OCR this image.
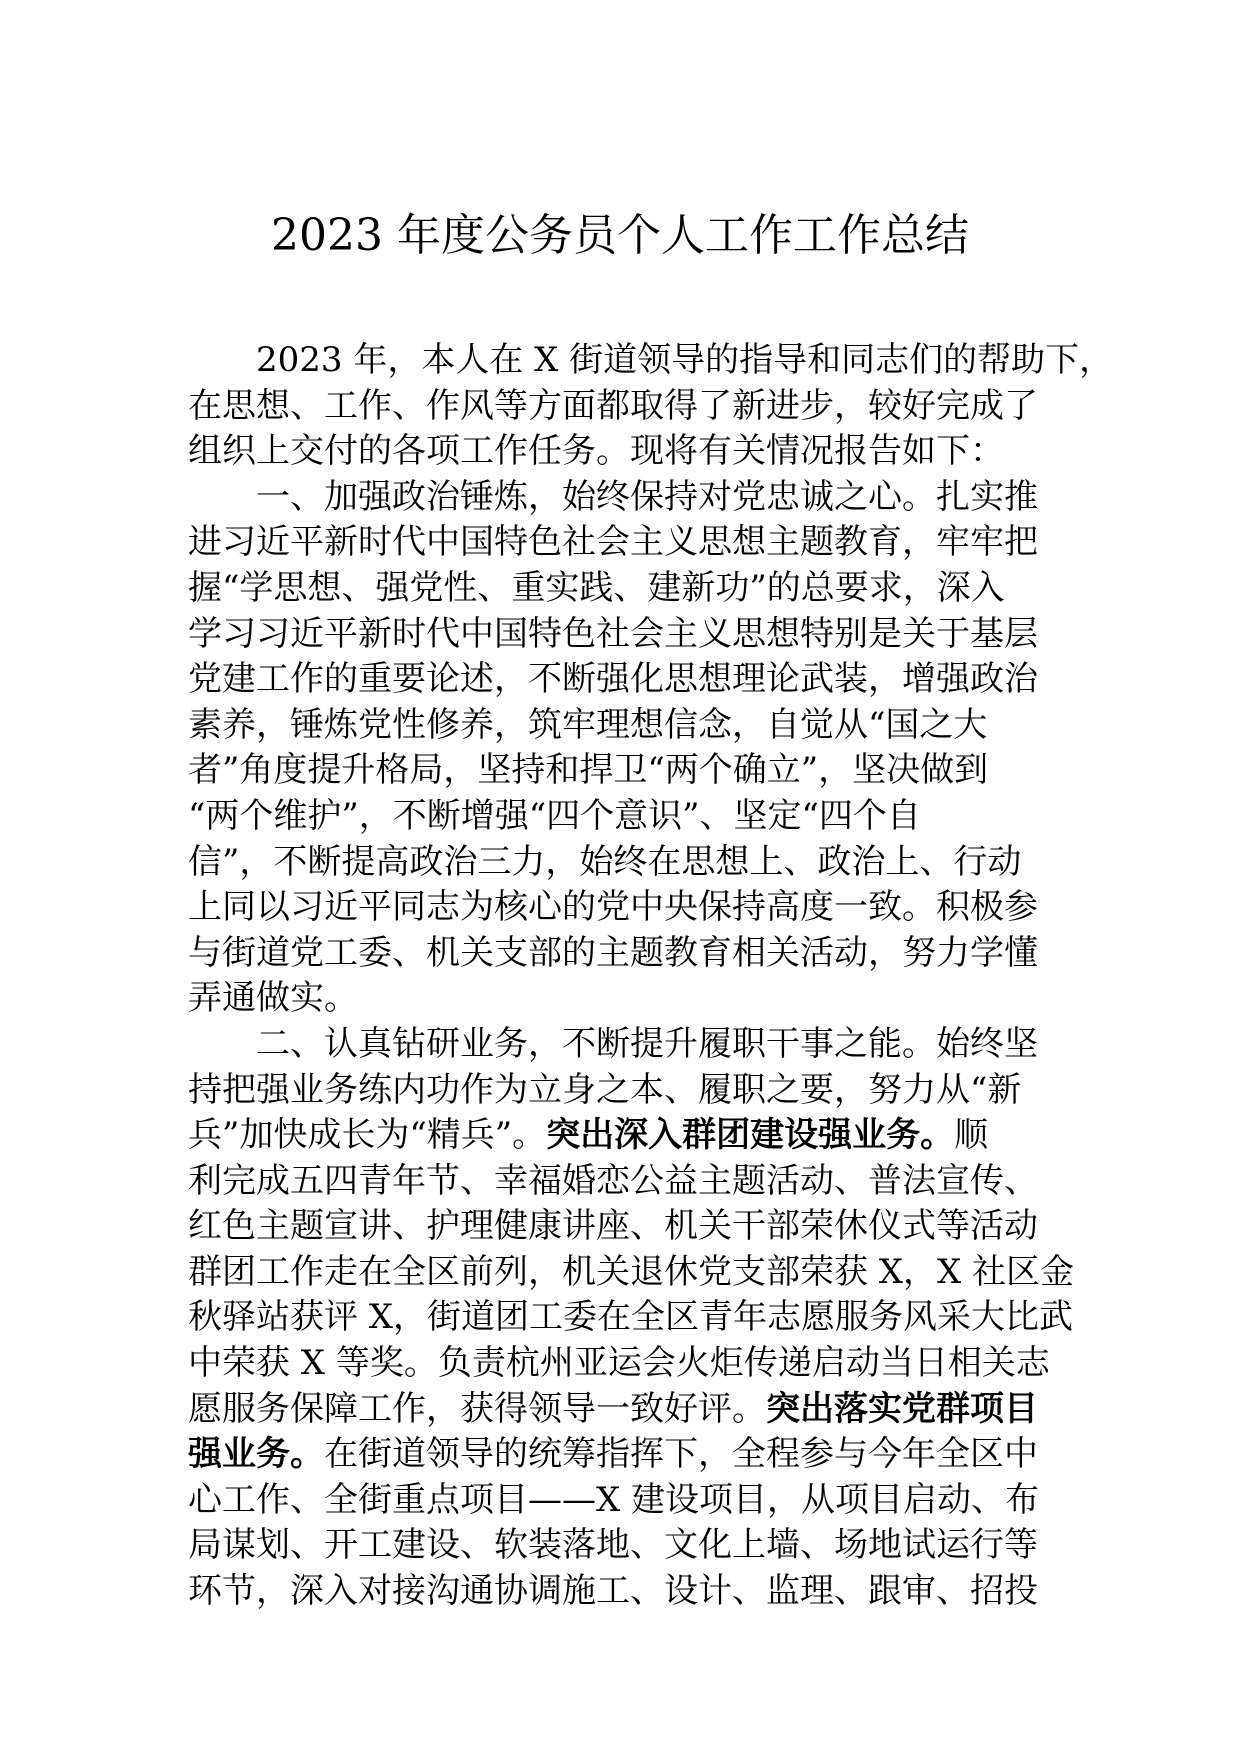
2023 年度公务员个人工作工作总结
2023 年，本人在 X 街道领导的指导和同志们的帮助下，
在思想、工作、作风等方面都取得了新进步，较好完成了
组织上交付的各项工作任务。现将有关情况报告如下：
一、加强政治锤炼，始终保持对党忠诚之心。扎实推
进习近平新时代中国特色社会主义思想主题教育，牢牢把
握“学思想、强党性、重实践、建新功”的总要求，深入
学习习近平新时代中国特色社会主义思想特别是关于基层
党建工作的重要论述，不断强化思想理论武装，增强政治
素养，锤炼党性修养，筑牢理想信念，自觉从“国之大
者”角度提升格局，坚持和捍卫“两个确立”，坚决做到
“两个维护”，不断增强“四个意识”、坚定“四个自
信”，不断提高政治三力，始终在思想上、政治上、行动
上同以习近平同志为核心的党中央保持高度一致。积极参
与街道党工委、机关支部的主题教育相关活动，努力学懂
弄通做实。
二、认真钻研业务，不断提升履职干事之能。始终坚
持把强业务练内功作为立身之本、履职之要，努力从“新
兵”加快成长为“精兵”。突出深入群团建设强业务。顺
利完成五四青年节、幸福婚恋公益主题活动、普法宣传、
红色主题宣讲、护理健康讲座、机关干部荣休仪式等活动
群团工作走在全区前列，机关退休党支部荣获 X，X 社区金
秋驿站获评 X，街道团工委在全区青年志愿服务风采大比武
中荣获 X 等奖。负责杭州亚运会火炬传递启动当日相关志
愿服务保障工作，获得领导一致好评。突出落实党群项目
强业务。在街道领导的统筹指挥下，全程参与今年全区中
心工作、全街重点项目——X 建设项目，从项目启动、布
局谋划、开工建设、软装落地、文化上墙、场地试运行等
环节，深入对接沟通协调施工、设计、监理、跟审、招投
